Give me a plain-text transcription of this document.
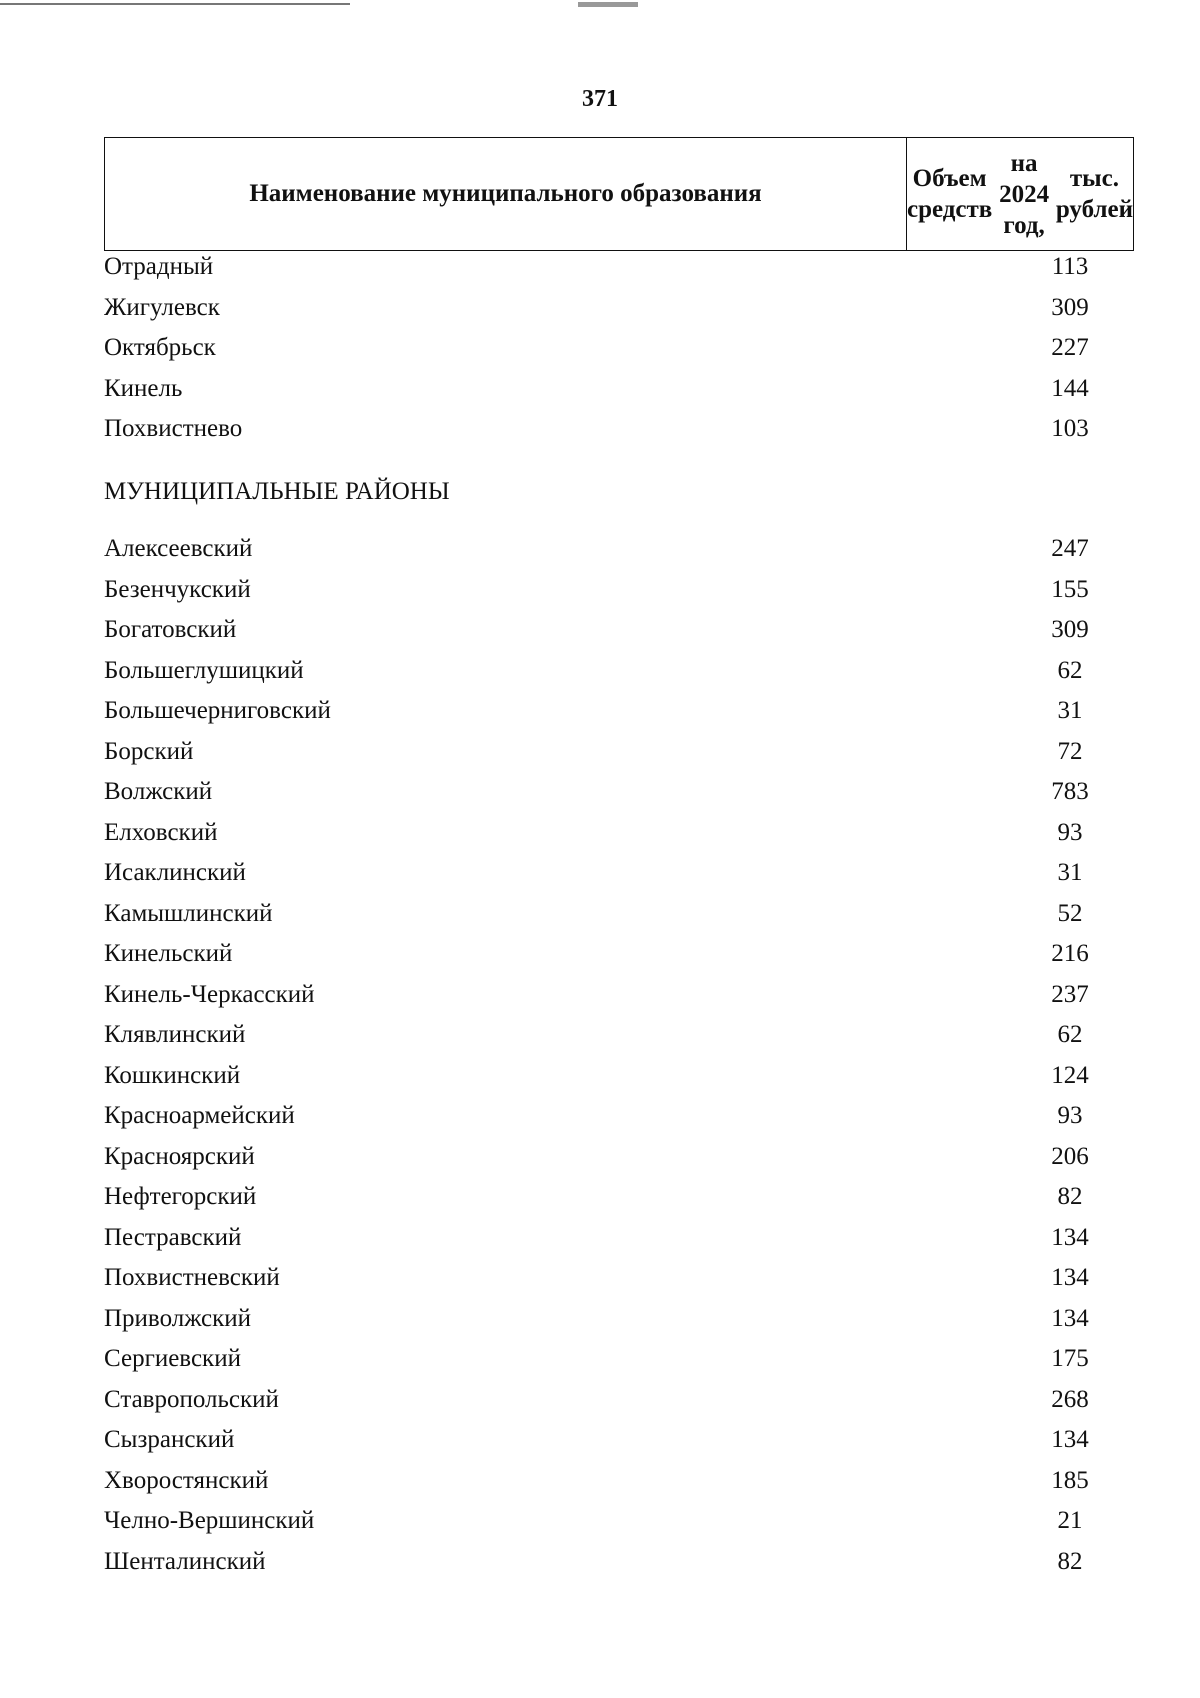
371
Наименование муниципального образования
Объем средств
на 2024 год,
тыс. рублей
Отрадный	113
Жигулевск	309
Октябрьск	227
Кинель	144
Похвистнево	103
МУНИЦИПАЛЬНЫЕ РАЙОНЫ
Алексеевский	247
Безенчукский	155
Богатовский	309
Большеглушицкий	62
Большечерниговский	31
Борский	72
Волжский	783
Елховский	93
Исаклинский	31
Камышлинский	52
Кинельский	216
Кинель-Черкасский	237
Клявлинский	62
Кошкинский	124
Красноармейский	93
Красноярский	206
Нефтегорский	82
Пестравский	134
Похвистневский	134
Приволжский	134
Сергиевский	175
Ставропольский	268
Сызранский	134
Хворостянский	185
Челно-Вершинский	21
Шенталинский	82
